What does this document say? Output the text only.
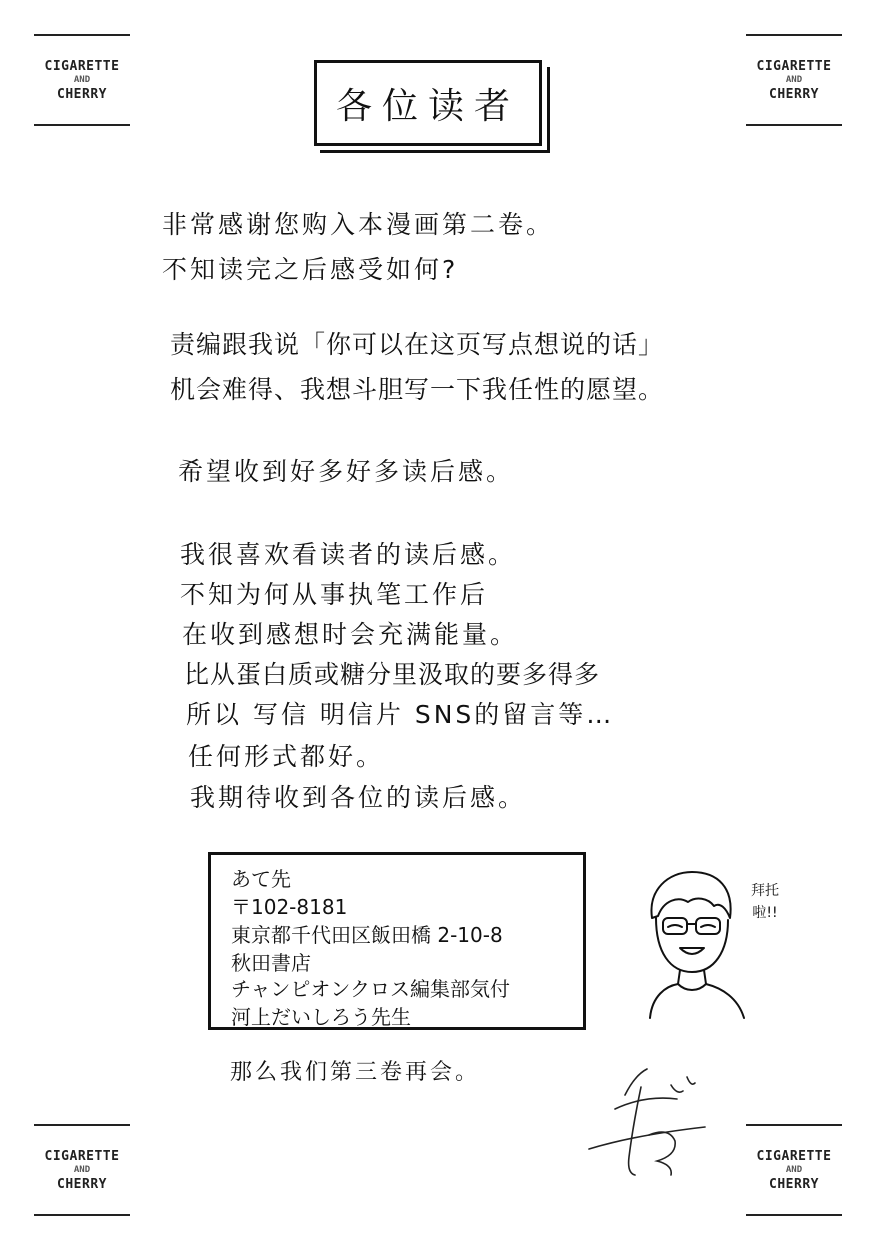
CIGARETTE
AND
CHERRY
CIGARETTE
AND
CHERRY
CIGARETTE
AND
CHERRY
CIGARETTE
AND
CHERRY
各位读者
非常感谢您购入本漫画第二卷。
不知读完之后感受如何?
责编跟我说「你可以在这页写点想说的话」
机会难得、我想斗胆写一下我任性的愿望。
希望收到好多好多读后感。
我很喜欢看读者的读后感。
不知为何从事执笔工作后
在收到感想时会充满能量。
比从蛋白质或糖分里汲取的要多得多
所以 写信 明信片 SNS的留言等…
任何形式都好。
我期待收到各位的读后感。
あて先
〒102-8181
東京都千代田区飯田橋 2-10-8
秋田書店
チャンピオンクロス編集部気付
河上だいしろう先生
拜托啦!!
那么我们第三卷再会。
